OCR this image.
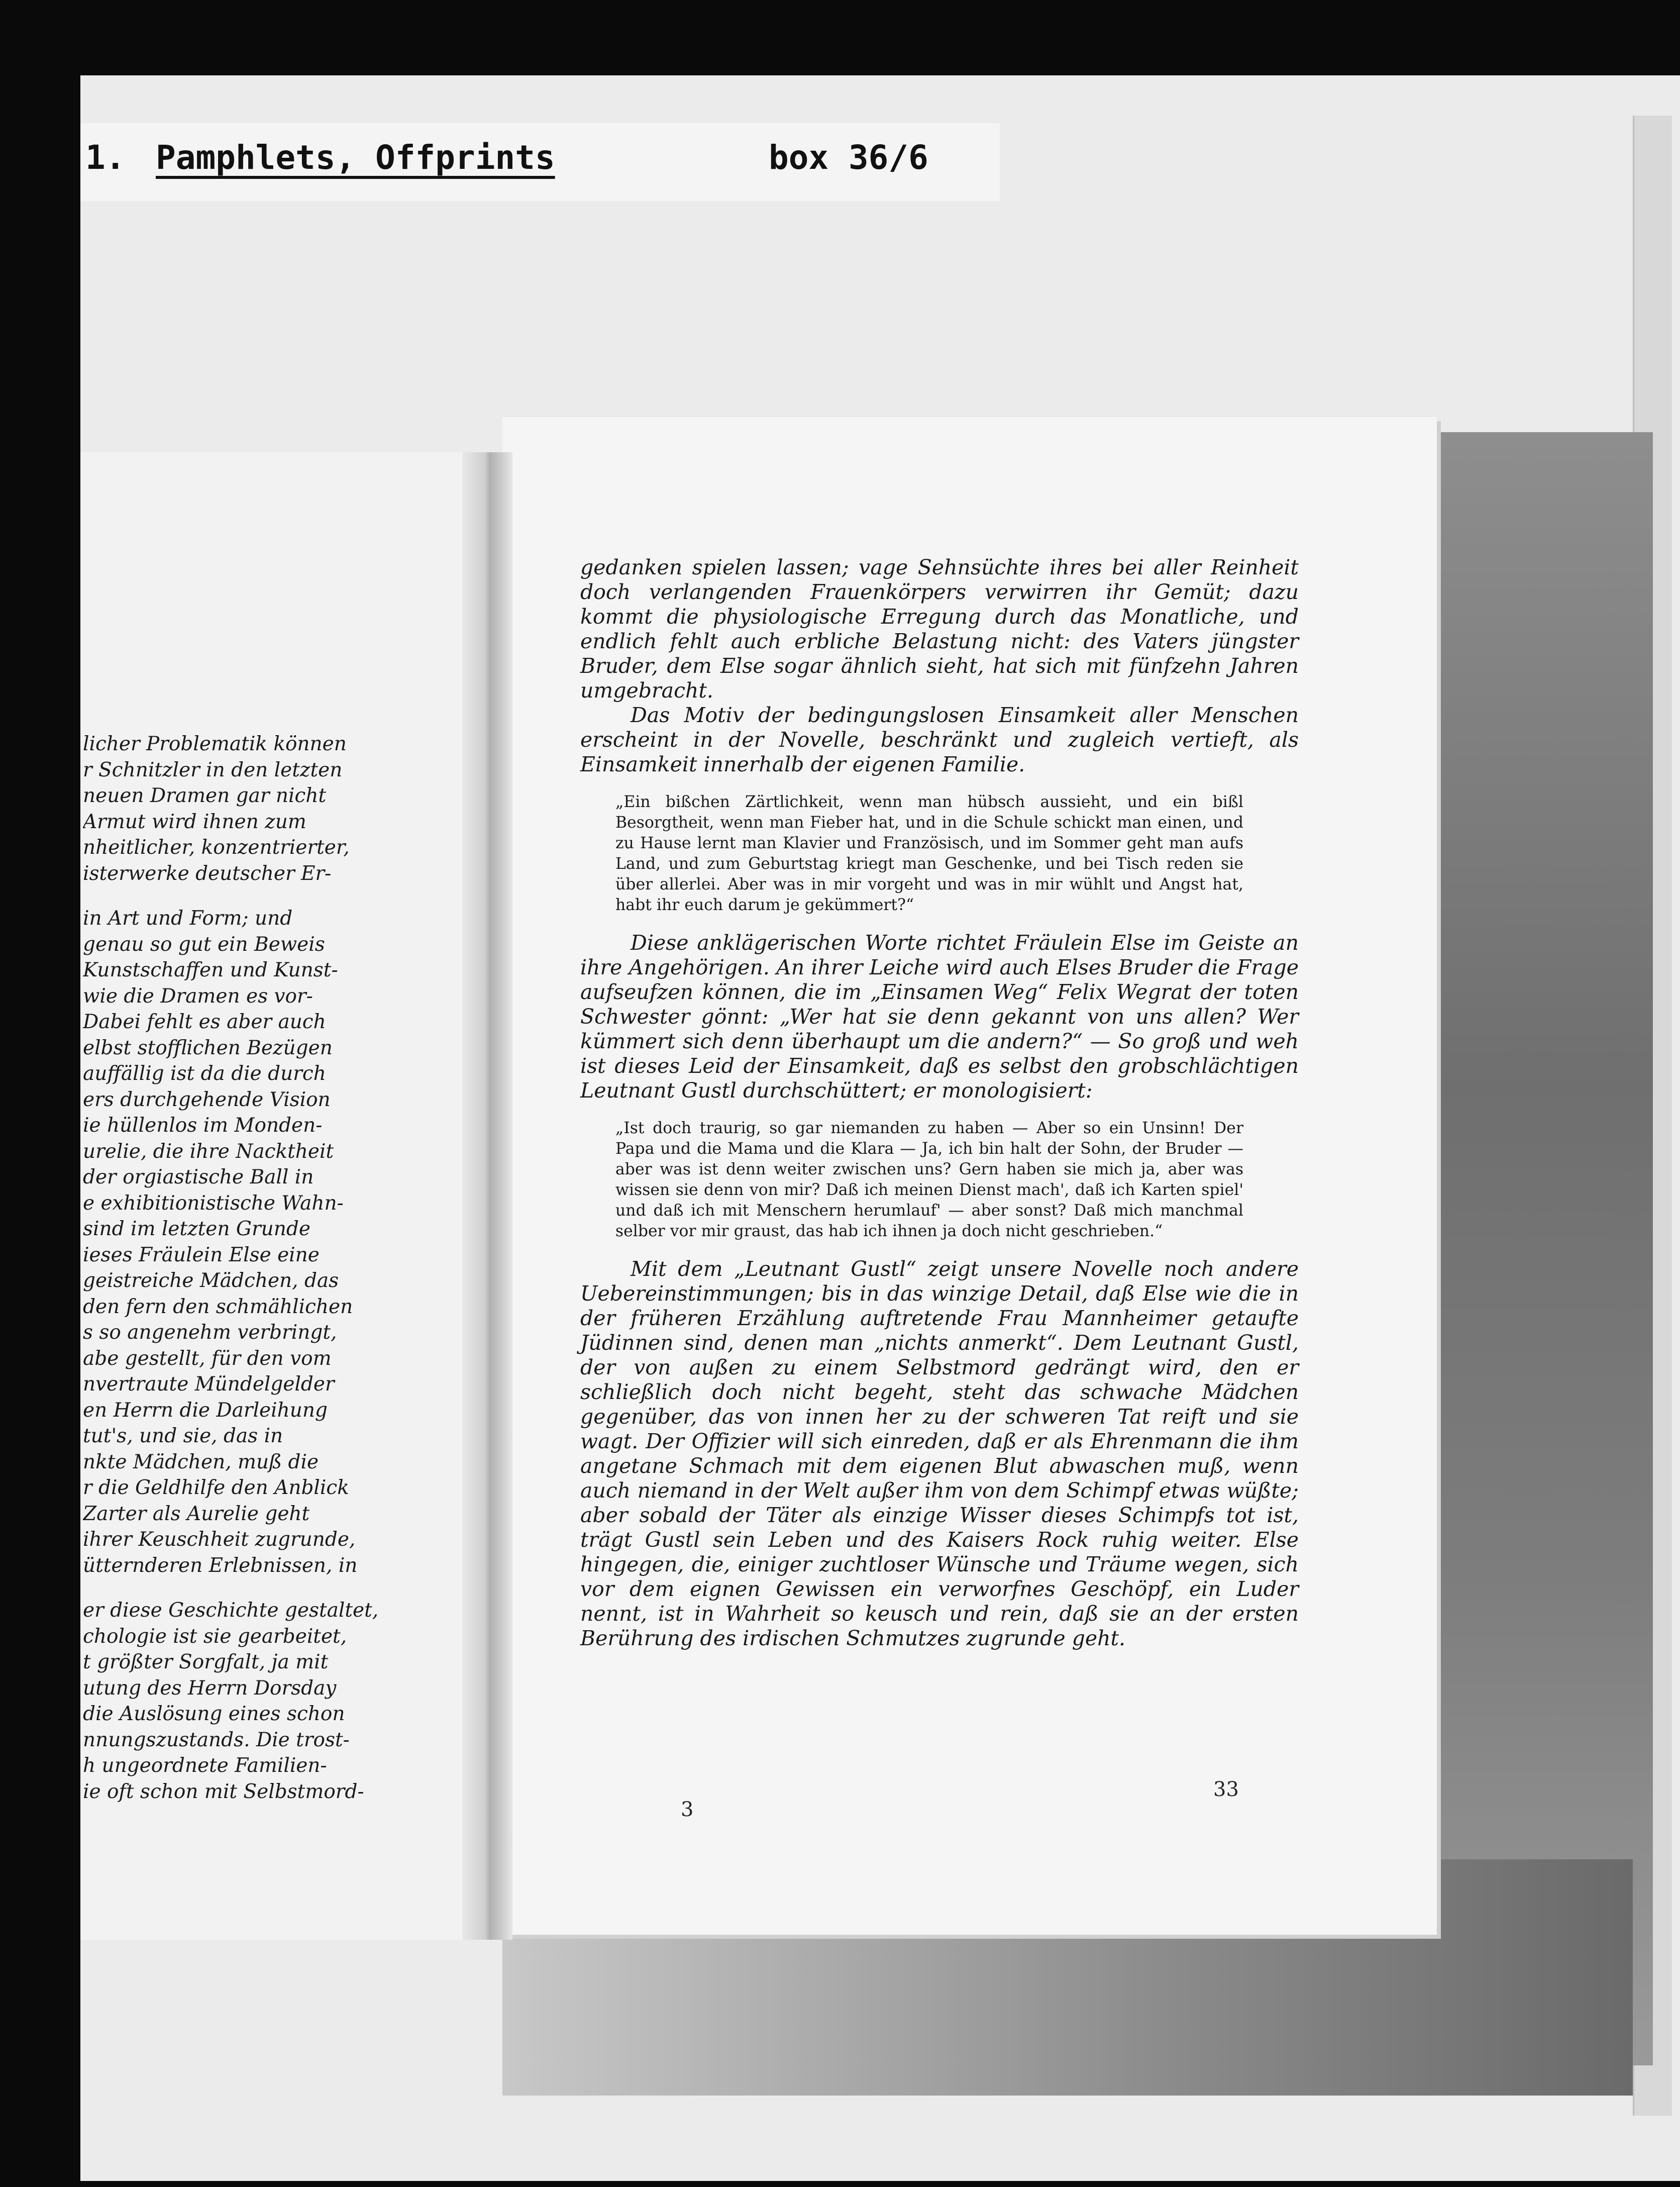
1. Pamphlets, Offprints	box 36/6
licher Problematik können
r Schnitzler in den letzten
neuen Dramen gar nicht
Armut wird ihnen zum
nheitlicher, konzentrierter,
isterwerke deutscher Er-
in Art und Form; und
genau so gut ein Beweis
Kunstschaffen und Kunst-
wie die Dramen es vor-
Dabei fehlt es aber auch
elbst stofflichen Bezügen
auffällig ist da die durch
ers durchgehende Vision
ie hüllenlos im Monden-
urelie, die ihre Nacktheit
der orgiastische Ball in
e exhibitionistische Wahn-
sind im letzten Grunde
ieses Fräulein Else eine
geistreiche Mädchen, das
den fern den schmählichen
s so angenehm verbringt,
abe gestellt, für den vom
nvertraute Mündelgelder
en Herrn die Darleihung
tut's, und sie, das in
nkte Mädchen, muß die
r die Geldhilfe den Anblick
Zarter als Aurelie geht
ihrer Keuschheit zugrunde,
ütternderen Erlebnissen, in
er diese Geschichte gestaltet,
chologie ist sie gearbeitet,
t größter Sorgfalt, ja mit
utung des Herrn Dorsday
die Auslösung eines schon
nnungszustands. Die trost-
h ungeordnete Familien-
ie oft schon mit Selbstmord-
3

gedanken spielen lassen; vage Sehnsüchte ihres bei aller Reinheit doch verlangenden Frauenkörpers verwirren ihr Gemüt; dazu kommt die physiologische Erregung durch das Monatliche, und endlich fehlt auch erbliche Belastung nicht: des Vaters jüngster Bruder, dem Else sogar ähnlich sieht, hat sich mit fünfzehn Jahren umgebracht.

Das Motiv der bedingungslosen Einsamkeit aller Menschen erscheint in der Novelle, beschränkt und zugleich vertieft, als Einsamkeit innerhalb der eigenen Familie.

„Ein bißchen Zärtlichkeit, wenn man hübsch aussieht, und ein bißl Besorgtheit, wenn man Fieber hat, und in die Schule schickt man einen, und zu Hause lernt man Klavier und Französisch, und im Sommer geht man aufs Land, und zum Geburtstag kriegt man Geschenke, und bei Tisch reden sie über allerlei. Aber was in mir vorgeht und was in mir wühlt und Angst hat, habt ihr euch darum je gekümmert?“

Diese anklägerischen Worte richtet Fräulein Else im Geiste an ihre Angehörigen. An ihrer Leiche wird auch Elses Bruder die Frage aufseufzen können, die im „Einsamen Weg“ Felix Wegrat der toten Schwester gönnt: „Wer hat sie denn gekannt von uns allen? Wer kümmert sich denn überhaupt um die andern?“ — So groß und weh ist dieses Leid der Einsamkeit, daß es selbst den grobschlächtigen Leutnant Gustl durchschüttert; er monologisiert:

„Ist doch traurig, so gar niemanden zu haben — Aber so ein Unsinn! Der Papa und die Mama und die Klara — Ja, ich bin halt der Sohn, der Bruder — aber was ist denn weiter zwischen uns? Gern haben sie mich ja, aber was wissen sie denn von mir? Daß ich meinen Dienst mach', daß ich Karten spiel' und daß ich mit Menschern herumlauf' — aber sonst? Daß mich manchmal selber vor mir graust, das hab ich ihnen ja doch nicht geschrieben.“

Mit dem „Leutnant Gustl“ zeigt unsere Novelle noch andere Uebereinstimmungen; bis in das winzige Detail, daß Else wie die in der früheren Erzählung auftretende Frau Mannheimer getaufte Jüdinnen sind, denen man „nichts anmerkt“. Dem Leutnant Gustl, der von außen zu einem Selbstmord gedrängt wird, den er schließlich doch nicht begeht, steht das schwache Mädchen gegenüber, das von innen her zu der schweren Tat reift und sie wagt. Der Offizier will sich einreden, daß er als Ehrenmann die ihm angetane Schmach mit dem eigenen Blut abwaschen muß, wenn auch niemand in der Welt außer ihm von dem Schimpf etwas wüßte; aber sobald der Täter als einzige Wisser dieses Schimpfs tot ist, trägt Gustl sein Leben und des Kaisers Rock ruhig weiter. Else hingegen, die, einiger zuchtloser Wünsche und Träume wegen, sich vor dem eignen Gewissen ein verworfnes Geschöpf, ein Luder nennt, ist in Wahrheit so keusch und rein, daß sie an der ersten Berührung des irdischen Schmutzes zugrunde geht.

33
